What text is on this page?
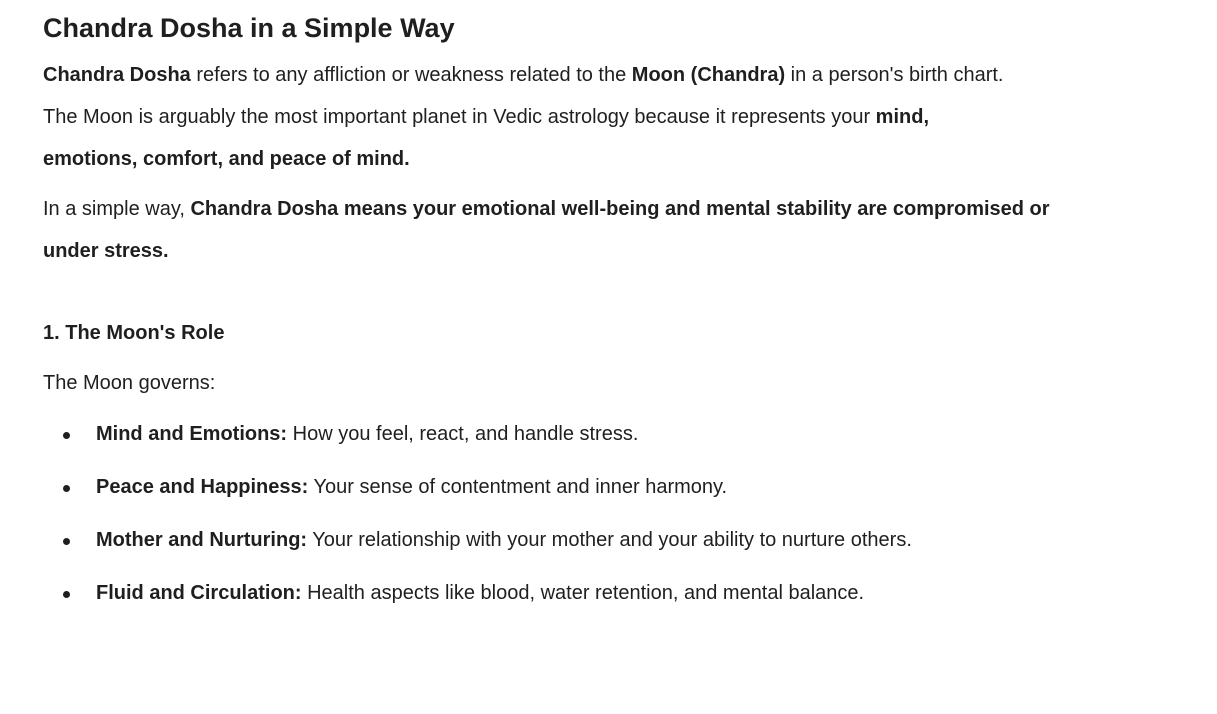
Chandra Dosha in a Simple Way

Chandra Dosha refers to any affliction or weakness related to the Moon (Chandra) in a person's birth chart. The Moon is arguably the most important planet in Vedic astrology because it represents your mind, emotions, comfort, and peace of mind.

In a simple way, Chandra Dosha means your emotional well-being and mental stability are compromised or under stress.

1. The Moon's Role

The Moon governs:

Mind and Emotions: How you feel, react, and handle stress.
Peace and Happiness: Your sense of contentment and inner harmony.
Mother and Nurturing: Your relationship with your mother and your ability to nurture others.
Fluid and Circulation: Health aspects like blood, water retention, and mental balance.
